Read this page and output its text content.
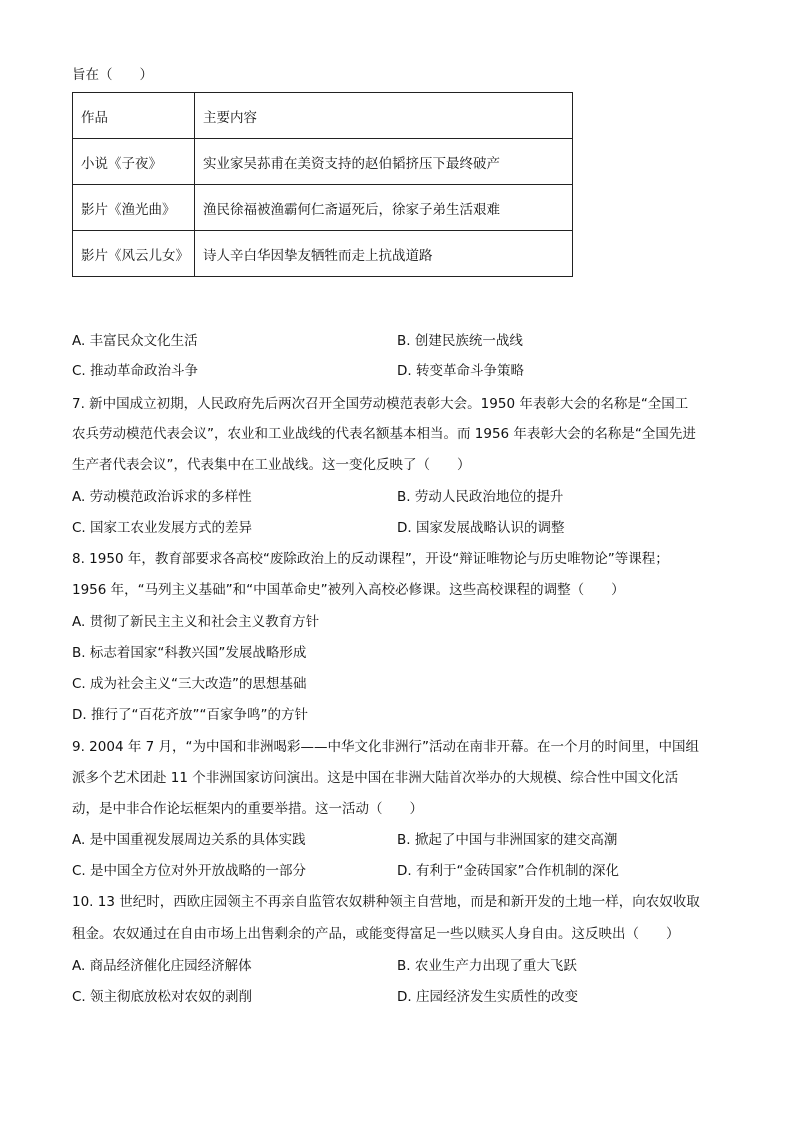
旨在（　　）
作品	主要内容
小说《子夜》	实业家吴荪甫在美资支持的赵伯韬挤压下最终破产
影片《渔光曲》	渔民徐福被渔霸何仁斋逼死后，徐家子弟生活艰难
影片《风云儿女》	诗人辛白华因挚友牺牲而走上抗战道路
A. 丰富民众文化生活	B. 创建民族统一战线
C. 推动革命政治斗争	D. 转变革命斗争策略
7. 新中国成立初期，人民政府先后两次召开全国劳动模范表彰大会。1950 年表彰大会的名称是“全国工
农兵劳动模范代表会议”，农业和工业战线的代表名额基本相当。而 1956 年表彰大会的名称是“全国先进
生产者代表会议”，代表集中在工业战线。这一变化反映了（　　）
A. 劳动模范政治诉求的多样性	B. 劳动人民政治地位的提升
C. 国家工农业发展方式的差异	D. 国家发展战略认识的调整
8. 1950 年，教育部要求各高校“废除政治上的反动课程”，开设“辩证唯物论与历史唯物论”等课程；
1956 年，“马列主义基础”和“中国革命史”被列入高校必修课。这些高校课程的调整（　　）
A. 贯彻了新民主主义和社会主义教育方针
B. 标志着国家“科教兴国”发展战略形成
C. 成为社会主义“三大改造”的思想基础
D. 推行了“百花齐放”“百家争鸣”的方针
9. 2004 年 7 月，“为中国和非洲喝彩——中华文化非洲行”活动在南非开幕。在一个月的时间里，中国组
派多个艺术团赴 11 个非洲国家访问演出。这是中国在非洲大陆首次举办的大规模、综合性中国文化活
动，是中非合作论坛框架内的重要举措。这一活动（　　）
A. 是中国重视发展周边关系的具体实践	B. 掀起了中国与非洲国家的建交高潮
C. 是中国全方位对外开放战略的一部分	D. 有利于“金砖国家”合作机制的深化
10. 13 世纪时，西欧庄园领主不再亲自监管农奴耕种领主自营地，而是和新开发的土地一样，向农奴收取
租金。农奴通过在自由市场上出售剩余的产品，或能变得富足一些以赎买人身自由。这反映出（　　）
A. 商品经济催化庄园经济解体	B. 农业生产力出现了重大飞跃
C. 领主彻底放松对农奴的剥削	D. 庄园经济发生实质性的改变
